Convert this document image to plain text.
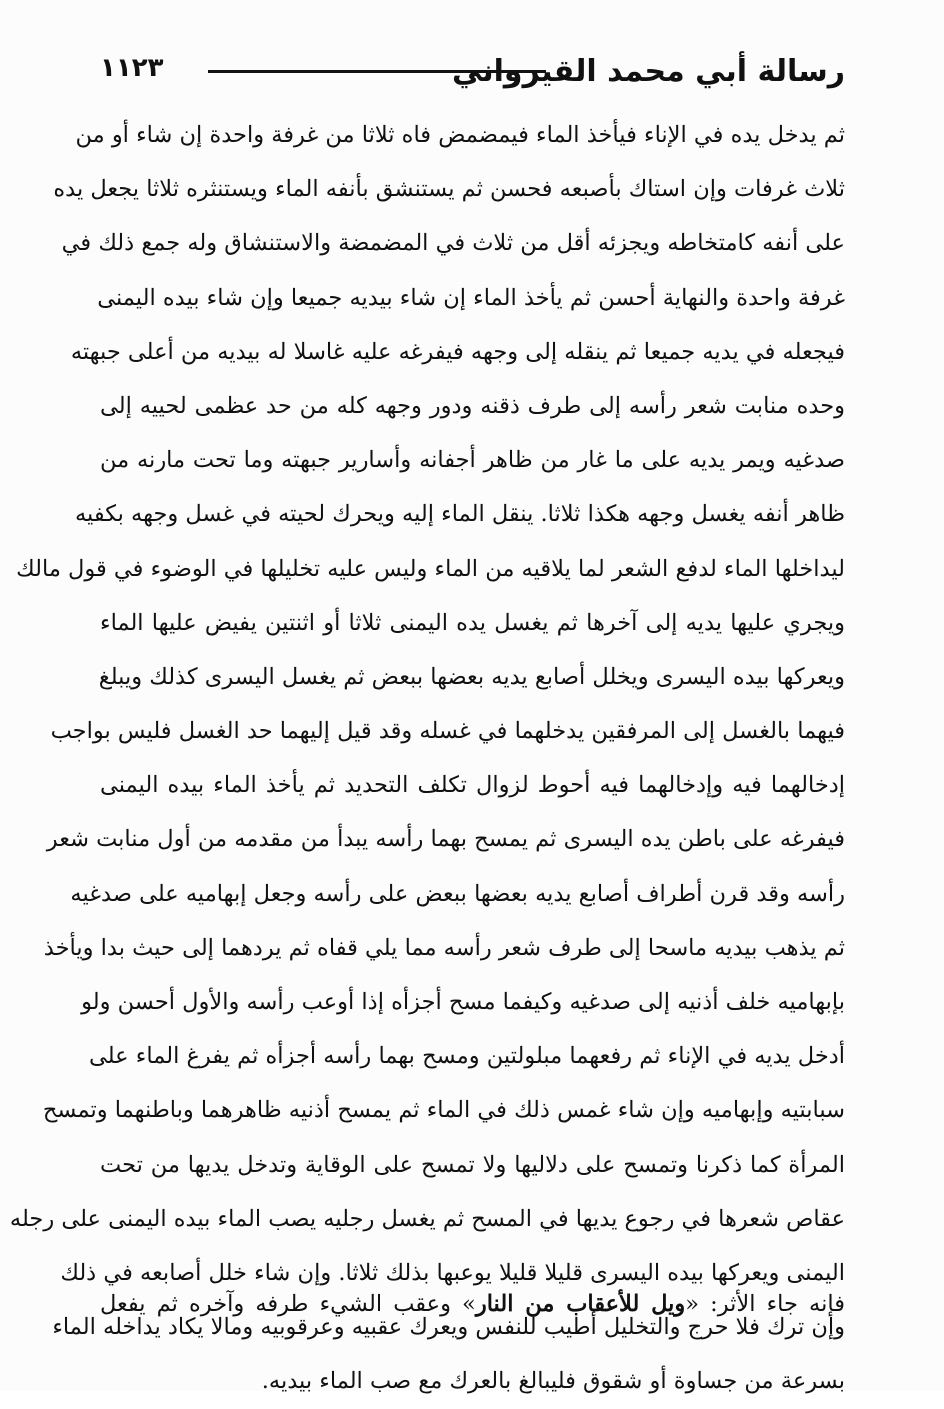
١١٢٣	رسالة أبي محمد القيرواني
ثم يدخل يده في الإناء فيأخذ الماء فيمضمض فاه ثلاثا من غرفة واحدة إن شاء أو من
ثلاث غرفات وإن استاك بأصبعه فحسن ثم يستنشق بأنفه الماء ويستنثره ثلاثا يجعل يده
على أنفه كامتخاطه ويجزئه أقل من ثلاث في المضمضة والاستنشاق وله جمع ذلك في
غرفة واحدة والنهاية أحسن ثم يأخذ الماء إن شاء بيديه جميعا وإن شاء بيده اليمنى
فيجعله في يديه جميعا ثم ينقله إلى وجهه فيفرغه عليه غاسلا له بيديه من أعلى جبهته
وحده منابت شعر رأسه إلى طرف ذقنه ودور وجهه كله من حد عظمى لحييه إلى
صدغيه ويمر يديه على ما غار من ظاهر أجفانه وأسارير جبهته وما تحت مارنه من
ظاهر أنفه يغسل وجهه هكذا ثلاثا. ينقل الماء إليه ويحرك لحيته في غسل وجهه بكفيه
ليداخلها الماء لدفع الشعر لما يلاقيه من الماء وليس عليه تخليلها في الوضوء في قول مالك
ويجري عليها يديه إلى آخرها ثم يغسل يده اليمنى ثلاثا أو اثنتين يفيض عليها الماء
ويعركها بيده اليسرى ويخلل أصابع يديه بعضها ببعض ثم يغسل اليسرى كذلك ويبلغ
فيهما بالغسل إلى المرفقين يدخلهما في غسله وقد قيل إليهما حد الغسل فليس بواجب
إدخالهما فيه وإدخالهما فيه أحوط لزوال تكلف التحديد ثم يأخذ الماء بيده اليمنى
فيفرغه على باطن يده اليسرى ثم يمسح بهما رأسه يبدأ من مقدمه من أول منابت شعر
رأسه وقد قرن أطراف أصابع يديه بعضها ببعض على رأسه وجعل إبهاميه على صدغيه
ثم يذهب بيديه ماسحا إلى طرف شعر رأسه مما يلي قفاه ثم يردهما إلى حيث بدا ويأخذ
بإبهاميه خلف أذنيه إلى صدغيه وكيفما مسح أجزأه إذا أوعب رأسه والأول أحسن ولو
أدخل يديه في الإناء ثم رفعهما مبلولتين ومسح بهما رأسه أجزأه ثم يفرغ الماء على
سبابتيه وإبهاميه وإن شاء غمس ذلك في الماء ثم يمسح أذنيه ظاهرهما وباطنهما وتمسح
المرأة كما ذكرنا وتمسح على دلاليها ولا تمسح على الوقاية وتدخل يديها من تحت
عقاص شعرها في رجوع يديها في المسح ثم يغسل رجليه يصب الماء بيده اليمنى على رجله
اليمنى ويعركها بيده اليسرى قليلا قليلا يوعبها بذلك ثلاثا. وإن شاء خلل أصابعه في ذلك
وإن ترك فلا حرج والتخليل أطيب للنفس ويعرك عقبيه وعرقوبيه ومالا يكاد يداخله الماء
بسرعة من جساوة أو شقوق فليبالغ بالعرك مع صب الماء بيديه.
فإنه جاء الأثر: «ويل للأعقاب من النار» وعقب الشيء طرفه وآخره ثم يفعل
